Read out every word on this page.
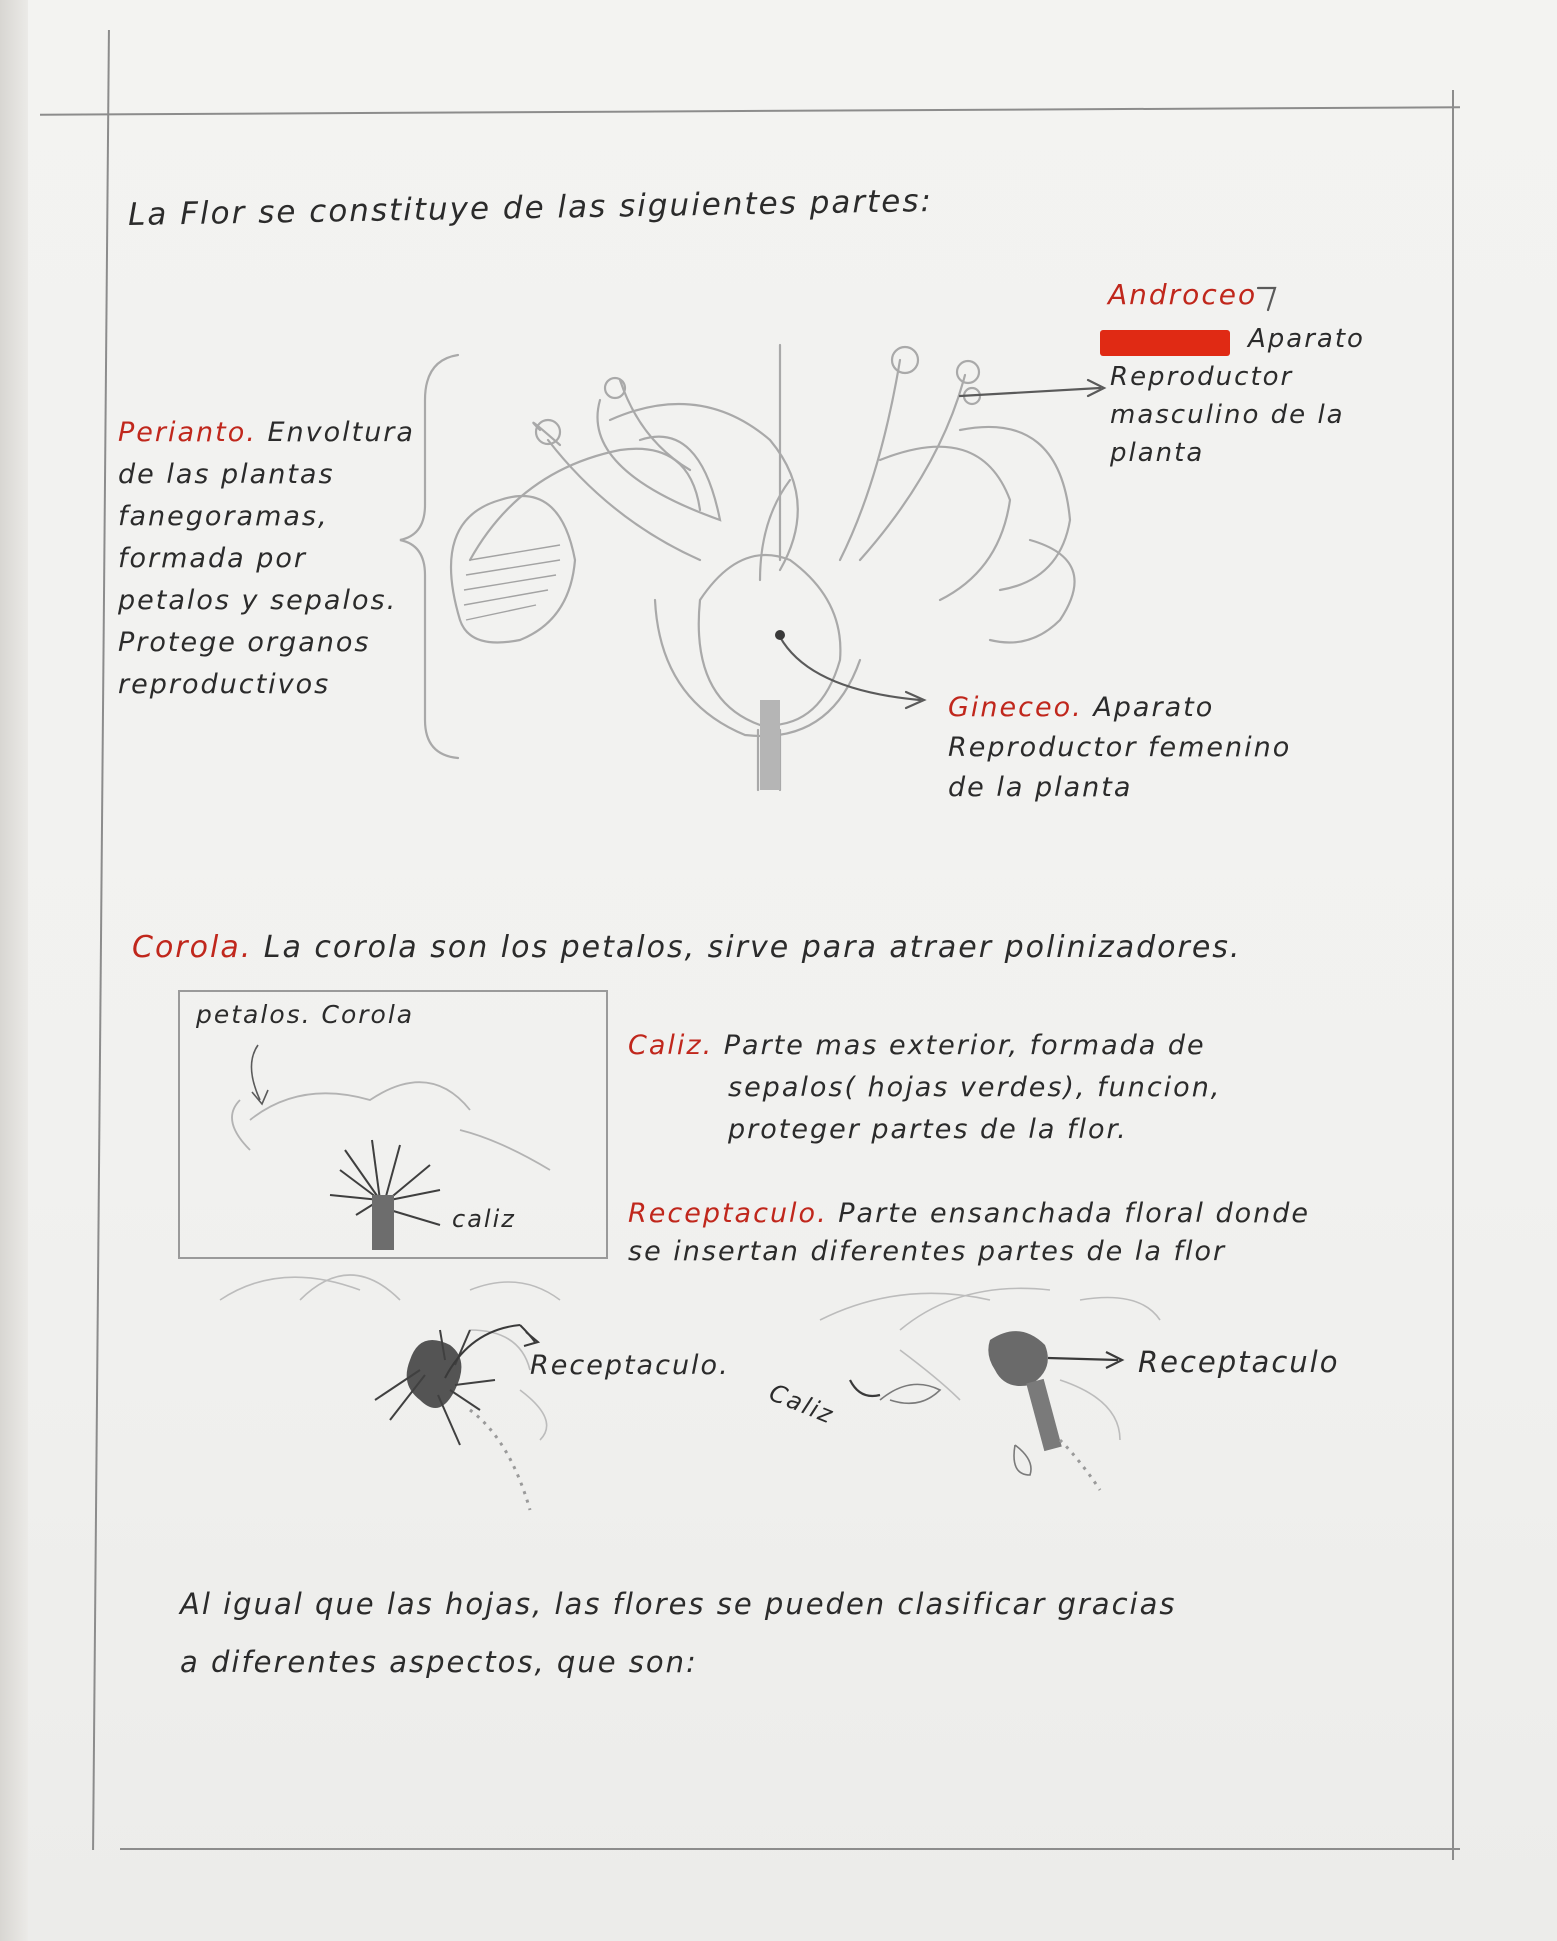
La Flor se constituye de las siguientes partes:
Perianto. Envoltura
de las plantas
fanegoramas,
formada por
petalos y sepalos.
Protege organos
reproductivos
Androceo
Aparato
Reproductor
masculino de la
planta
Gineceo. Aparato
Reproductor femenino
de la planta
Corola. La corola son los petalos, sirve para atraer polinizadores.
petalos. Corola
caliz
Caliz. Parte mas exterior, formada de
sepalos( hojas verdes), funcion,
proteger partes de la flor.
Receptaculo. Parte ensanchada floral donde
se insertan diferentes partes de la flor
Receptaculo.
Caliz
Receptaculo
Al igual que las hojas, las flores se pueden clasificar gracias
a diferentes aspectos, que son:
